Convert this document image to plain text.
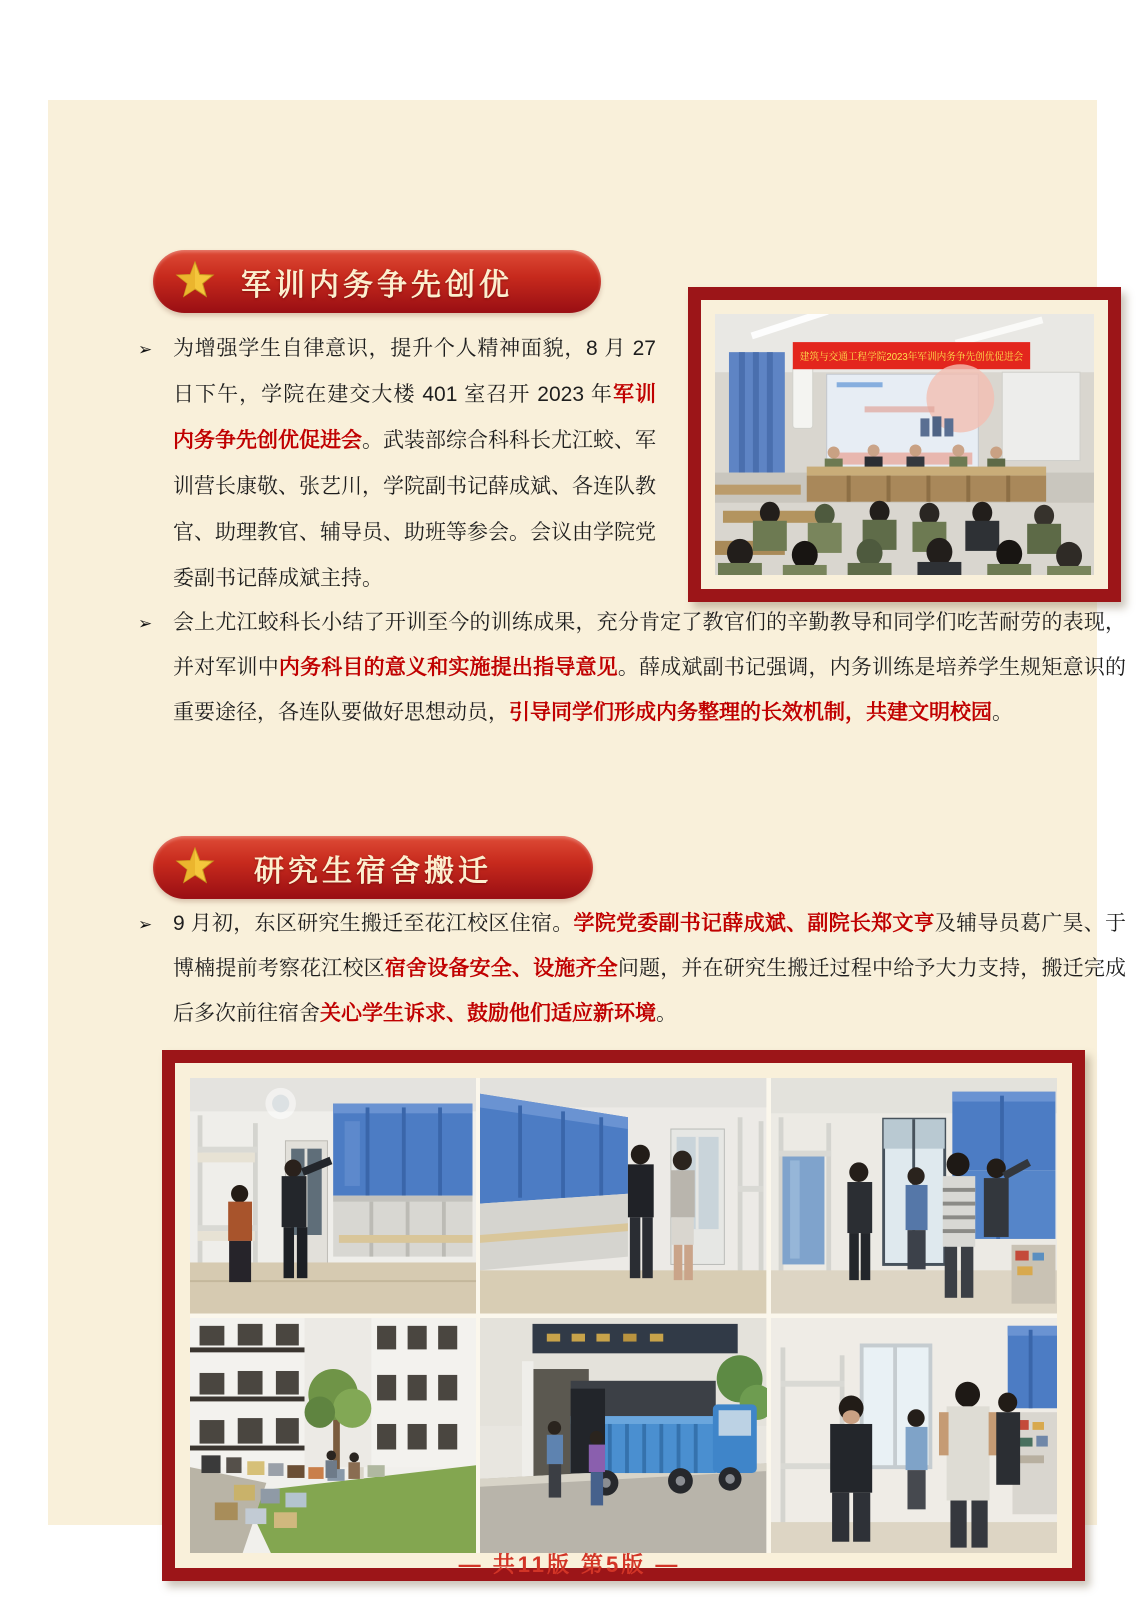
军训内务争先创优
➢ 为增强学生自律意识，提升个人精神面貌，8 月 27 日下午，学院在建交大楼 401 室召开 2023 年军训内务争先创优促进会。武装部综合科科长尤江蛟、军训营长康敬、张艺川，学院副书记薛成斌、各连队教官、助理教官、辅导员、助班等参会。会议由学院党委副书记薛成斌主持。
建筑与交通工程学院2023年军训内务争先创优促进会
➢ 会上尤江蛟科长小结了开训至今的训练成果，充分肯定了教官们的辛勤教导和同学们吃苦耐劳的表现，并对军训中内务科目的意义和实施提出指导意见。薛成斌副书记强调，内务训练是培养学生规矩意识的重要途径，各连队要做好思想动员，引导同学们形成内务整理的长效机制，共建文明校园。
研究生宿舍搬迁
➢ 9 月初，东区研究生搬迁至花江校区住宿。学院党委副书记薛成斌、副院长郑文亨及辅导员葛广昊、于博楠提前考察花江校区宿舍设备安全、设施齐全问题，并在研究生搬迁过程中给予大力支持，搬迁完成后多次前往宿舍关心学生诉求、鼓励他们适应新环境。
— 共11版 第5版 —
